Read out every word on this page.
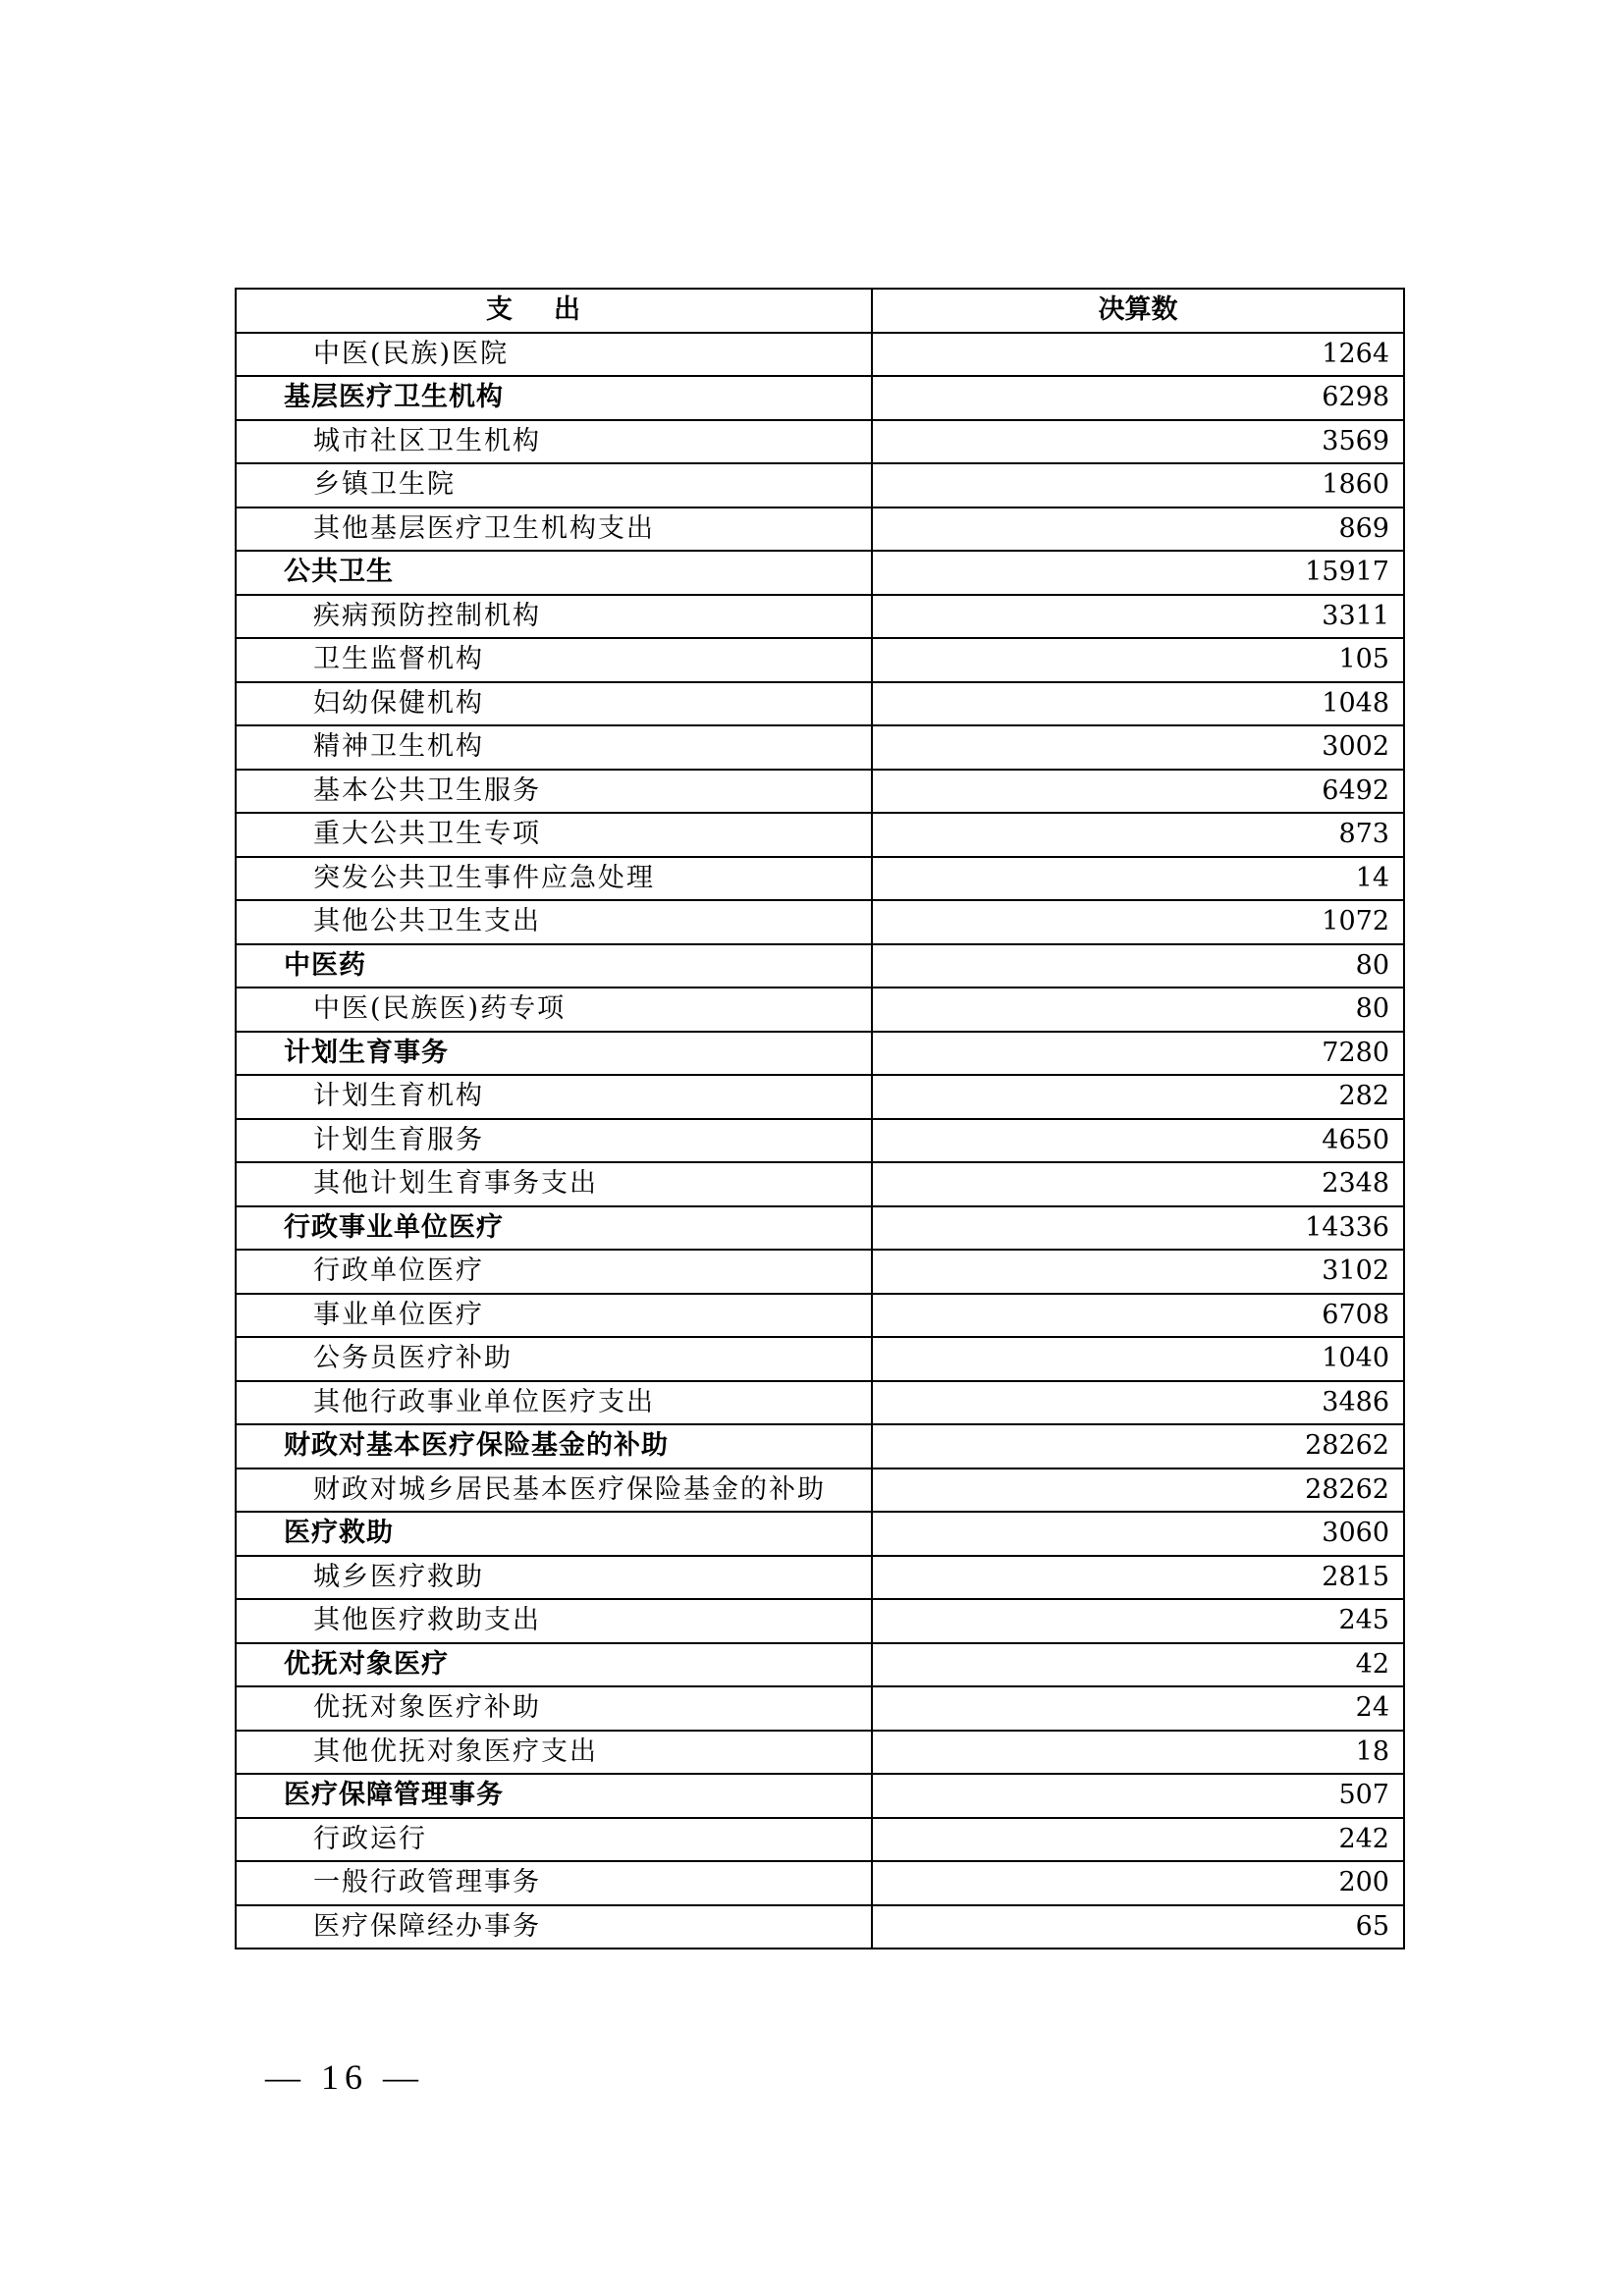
支出	决算数
中医(民族)医院	1264
基层医疗卫生机构	6298
城市社区卫生机构	3569
乡镇卫生院	1860
其他基层医疗卫生机构支出	869
公共卫生	15917
疾病预防控制机构	3311
卫生监督机构	105
妇幼保健机构	1048
精神卫生机构	3002
基本公共卫生服务	6492
重大公共卫生专项	873
突发公共卫生事件应急处理	14
其他公共卫生支出	1072
中医药	80
中医(民族医)药专项	80
计划生育事务	7280
计划生育机构	282
计划生育服务	4650
其他计划生育事务支出	2348
行政事业单位医疗	14336
行政单位医疗	3102
事业单位医疗	6708
公务员医疗补助	1040
其他行政事业单位医疗支出	3486
财政对基本医疗保险基金的补助	28262
财政对城乡居民基本医疗保险基金的补助	28262
医疗救助	3060
城乡医疗救助	2815
其他医疗救助支出	245
优抚对象医疗	42
优抚对象医疗补助	24
其他优抚对象医疗支出	18
医疗保障管理事务	507
行政运行	242
一般行政管理事务	200
医疗保障经办事务	65
— 16 —
